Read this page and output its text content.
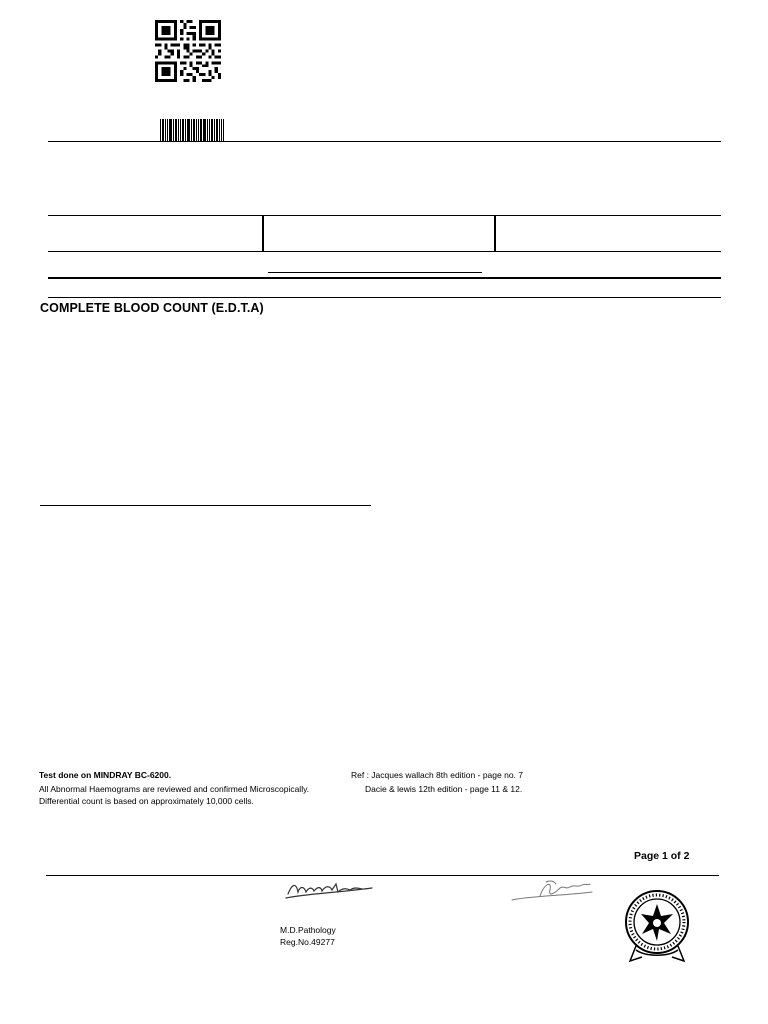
COMPLETE BLOOD COUNT (E.D.T.A)
Test done on MINDRAY BC-6200.
All Abnormal Haemograms are reviewed and confirmed Microscopically.
Differential count is based on approximately 10,000 cells.
Ref : Jacques wallach 8th edition - page no. 7
Dacie & lewis 12th edition - page 11 & 12.
Page 1 of 2
M.D.Pathology
Reg.No.49277
